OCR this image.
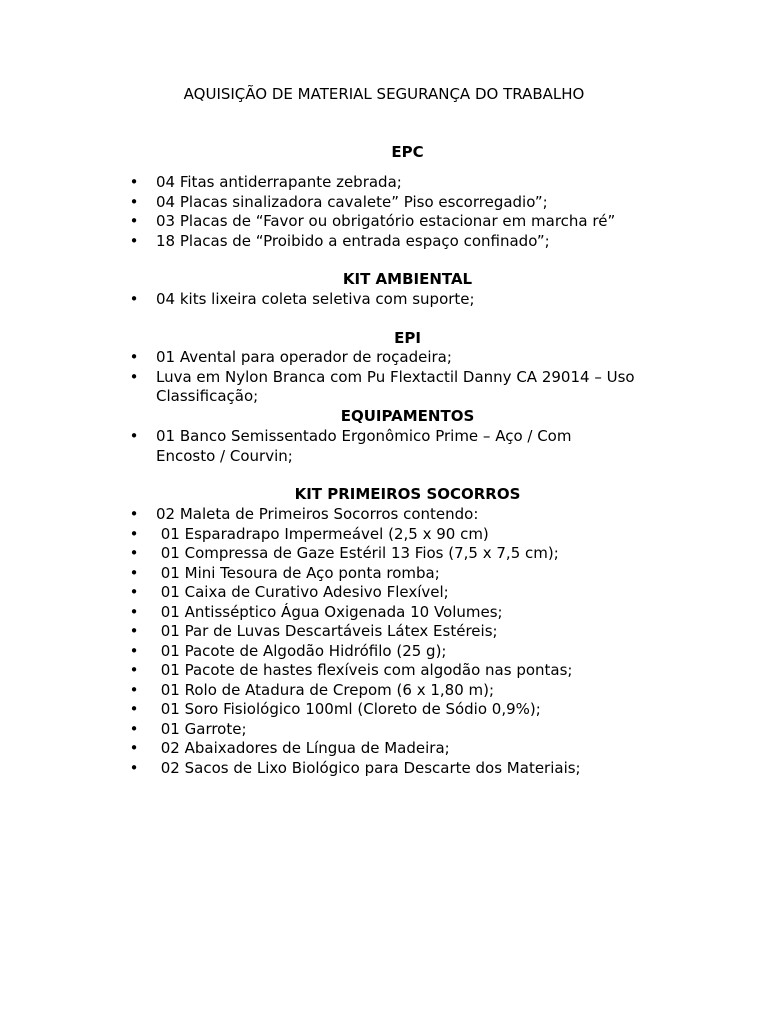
AQUISIÇÃO DE MATERIAL SEGURANÇA DO TRABALHO
EPC
• 04 Fitas antiderrapante zebrada;
• 04 Placas sinalizadora cavalete” Piso escorregadio”;
• 03 Placas de “Favor ou obrigatório estacionar em marcha ré”
• 18 Placas de “Proibido a entrada espaço confinado”;
KIT AMBIENTAL
• 04 kits lixeira coleta seletiva com suporte;
EPI
• 01 Avental para operador de roçadeira;
• Luva em Nylon Branca com Pu Flextactil Danny CA 29014 – Uso Classificação;
EQUIPAMENTOS
• 01 Banco Semissentado Ergonômico Prime – Aço / Com Encosto / Courvin;
KIT PRIMEIROS SOCORROS
• 02 Maleta de Primeiros Socorros contendo:
• 01 Esparadrapo Impermeável (2,5 x 90 cm)
• 01 Compressa de Gaze Estéril 13 Fios (7,5 x 7,5 cm);
• 01 Mini Tesoura de Aço ponta romba;
• 01 Caixa de Curativo Adesivo Flexível;
• 01 Antisséptico Água Oxigenada 10 Volumes;
• 01 Par de Luvas Descartáveis Látex Estéreis;
• 01 Pacote de Algodão Hidrófilo (25 g);
• 01 Pacote de hastes flexíveis com algodão nas pontas;
• 01 Rolo de Atadura de Crepom (6 x 1,80 m);
• 01 Soro Fisiológico 100ml (Cloreto de Sódio 0,9%);
• 01 Garrote;
• 02 Abaixadores de Língua de Madeira;
• 02 Sacos de Lixo Biológico para Descarte dos Materiais;
